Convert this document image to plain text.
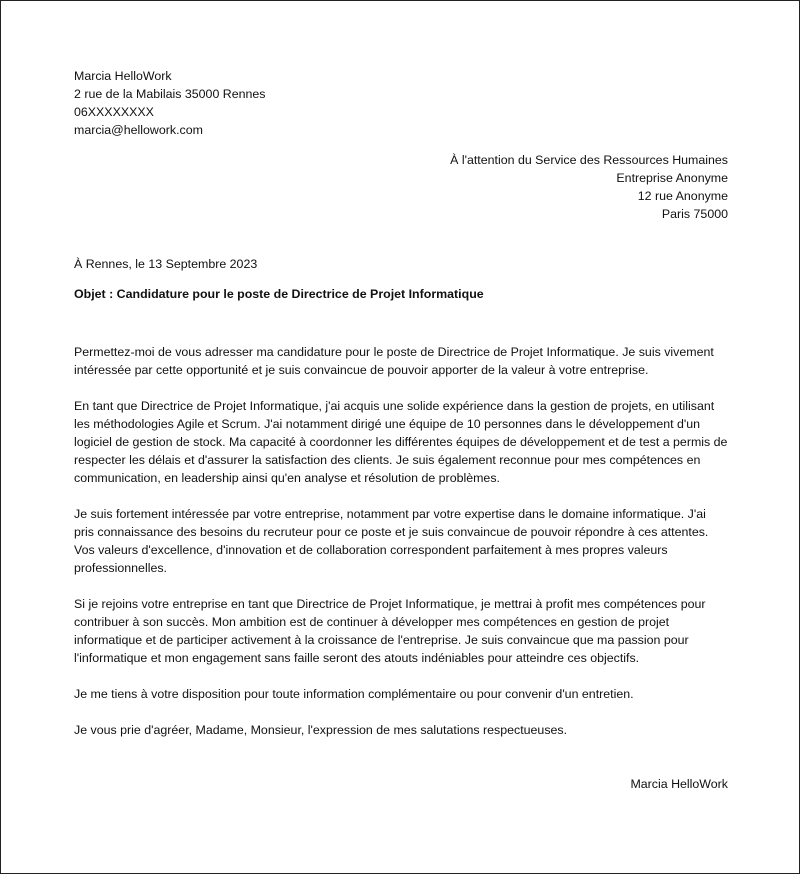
Marcia HelloWork

2 rue de la Mabilais 35000 Rennes

06XXXXXXXX

marcia@hellowork.com

À l'attention du Service des Ressources Humaines

Entreprise Anonyme

12 rue Anonyme

Paris 75000

À Rennes, le 13 Septembre 2023

Objet : Candidature pour le poste de Directrice de Projet Informatique

Permettez-moi de vous adresser ma candidature pour le poste de Directrice de Projet Informatique. Je suis vivement intéressée par cette opportunité et je suis convaincue de pouvoir apporter de la valeur à votre entreprise.

En tant que Directrice de Projet Informatique, j'ai acquis une solide expérience dans la gestion de projets, en utilisant les méthodologies Agile et Scrum. J'ai notamment dirigé une équipe de 10 personnes dans le développement d'un logiciel de gestion de stock. Ma capacité à coordonner les différentes équipes de développement et de test a permis de respecter les délais et d'assurer la satisfaction des clients. Je suis également reconnue pour mes compétences en communication, en leadership ainsi qu'en analyse et résolution de problèmes.

Je suis fortement intéressée par votre entreprise, notamment par votre expertise dans le domaine informatique. J'ai pris connaissance des besoins du recruteur pour ce poste et je suis convaincue de pouvoir répondre à ces attentes. Vos valeurs d'excellence, d'innovation et de collaboration correspondent parfaitement à mes propres valeurs professionnelles.

Si je rejoins votre entreprise en tant que Directrice de Projet Informatique, je mettrai à profit mes compétences pour contribuer à son succès. Mon ambition est de continuer à développer mes compétences en gestion de projet informatique et de participer activement à la croissance de l'entreprise. Je suis convaincue que ma passion pour l'informatique et mon engagement sans faille seront des atouts indéniables pour atteindre ces objectifs.

Je me tiens à votre disposition pour toute information complémentaire ou pour convenir d'un entretien.

Je vous prie d'agréer, Madame, Monsieur, l'expression de mes salutations respectueuses.

Marcia HelloWork
